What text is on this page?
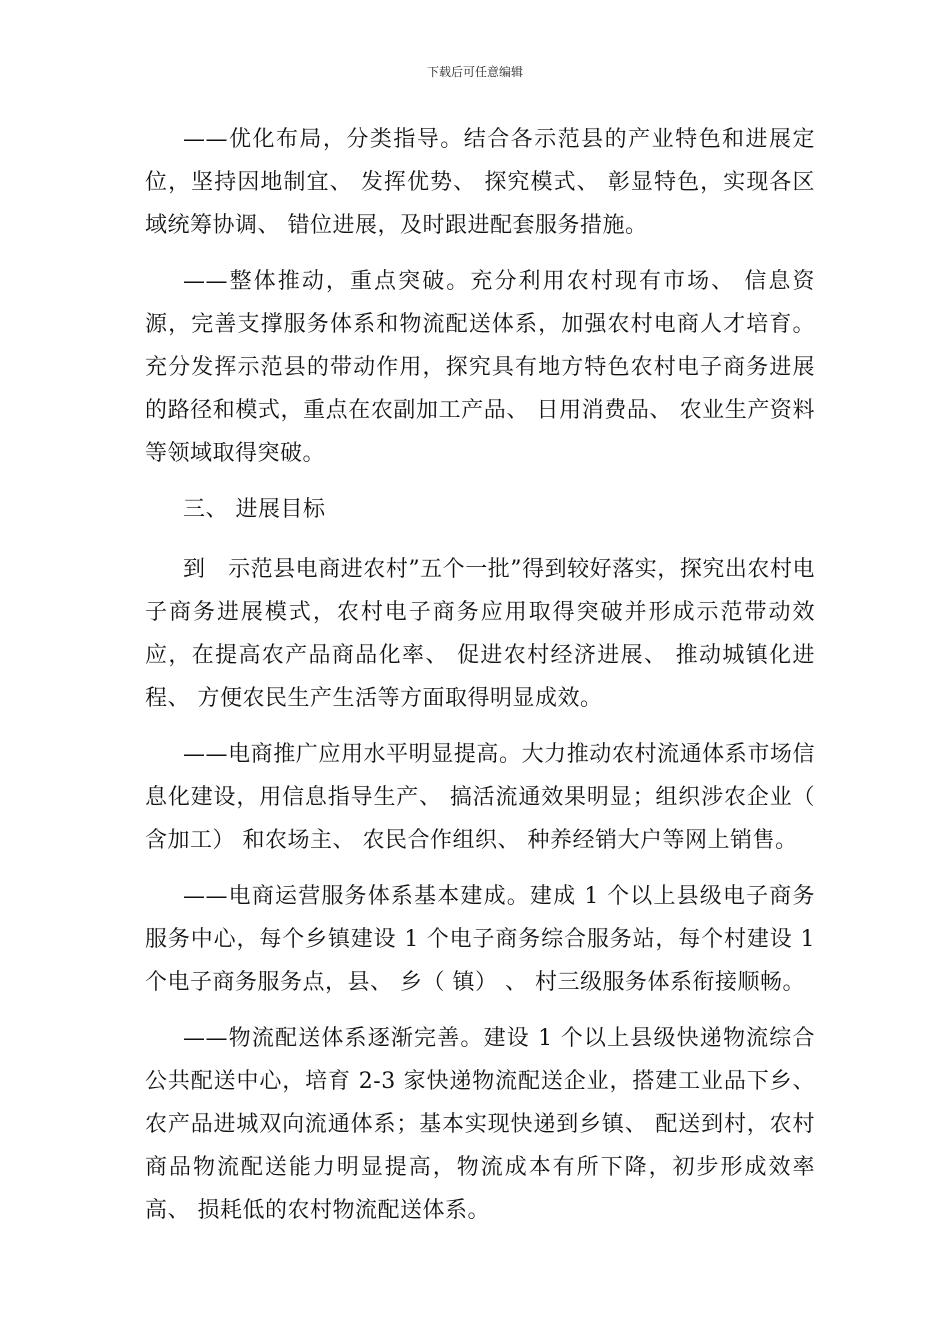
下载后可任意编辑

——优化布局，分类指导。结合各示范县的产业特色和进展定位，坚持因地制宜、 发挥优势、 探究模式、 彰显特色，实现各区域统筹协调、 错位进展，及时跟进配套服务措施。

——整体推动，重点突破。充分利用农村现有市场、 信息资源，完善支撑服务体系和物流配送体系，加强农村电商人才培育。充分发挥示范县的带动作用，探究具有地方特色农村电子商务进展的路径和模式，重点在农副加工产品、 日用消费品、 农业生产资料等领域取得突破。

三、 进展目标

到　示范县电商进农村”五个一批”得到较好落实，探究出农村电子商务进展模式，农村电子商务应用取得突破并形成示范带动效应，在提高农产品商品化率、 促进农村经济进展、 推动城镇化进程、 方便农民生产生活等方面取得明显成效。

——电商推广应用水平明显提高。大力推动农村流通体系市场信息化建设，用信息指导生产、 搞活流通效果明显；组织涉农企业（ 含加工） 和农场主、 农民合作组织、 种养经销大户等网上销售。

——电商运营服务体系基本建成。建成 1 个以上县级电子商务服务中心，每个乡镇建设 1 个电子商务综合服务站，每个村建设 1 个电子商务服务点，县、 乡（ 镇） 、 村三级服务体系衔接顺畅。

——物流配送体系逐渐完善。建设 1 个以上县级快递物流综合公共配送中心，培育 2-3 家快递物流配送企业，搭建工业品下乡、 农产品进城双向流通体系；基本实现快递到乡镇、 配送到村，农村商品物流配送能力明显提高，物流成本有所下降，初步形成效率高、 损耗低的农村物流配送体系。
